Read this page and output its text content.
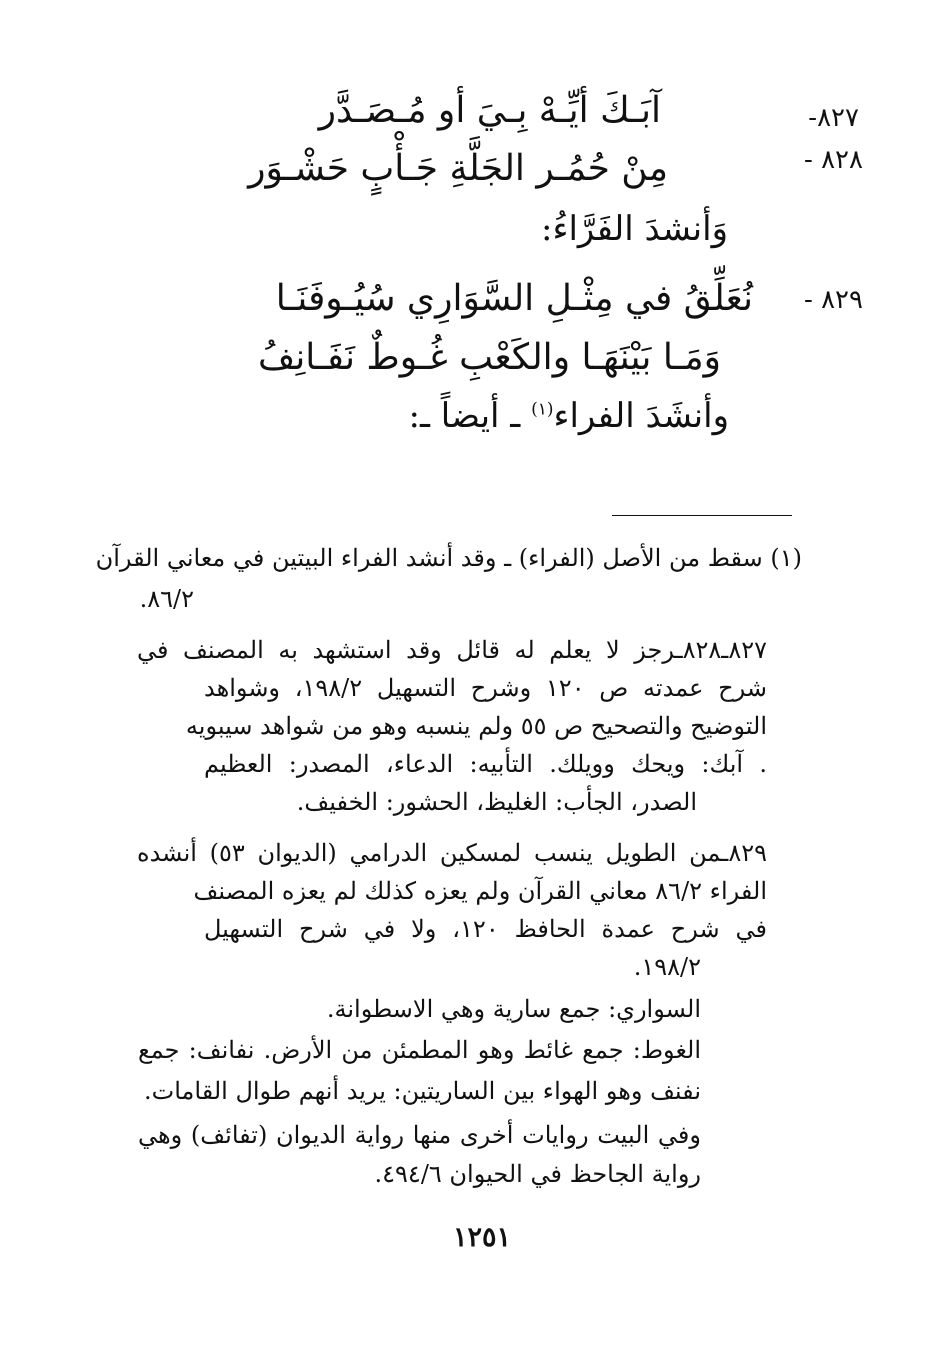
٨٢٧-
آبَـكَ أيِّـهْ بِـيَ أو مُـصَـدَّر
٨٢٨ -
مِنْ حُمُـر الجَلَّةِ جَـأْبٍ حَشْـوَر
وَأنشدَ الفَرَّاءُ:
٨٢٩ -
نُعَلِّقُ في مِثْـلِ السَّوَارِي سُيُـوفَنَـا
وَمَـا بَيْنَهَـا والكَعْبِ غُـوطٌ نَفَـانِفُ
وأنشَدَ الفراء$^{(١)}$ ـ أيضاً ـ:
(١) سقط من الأصل (الفراء) ـ وقد أنشد الفراء البيتين في معاني القرآن
٨٦/٢.
٨٢٧ـ٨٢٨ـرجز لا يعلم له قائل وقد استشهد به المصنف في
شرح عمدته ص ١٢٠ وشرح التسهيل ١٩٨/٢، وشواهد
التوضيح والتصحيح ص ٥٥ ولم ينسبه وهو من شواهد سيبويه
. آبك: ويحك وويلك. التأبيه: الدعاء، المصدر: العظيم
الصدر، الجأب: الغليظ، الحشور: الخفيف.
٨٢٩ـمن الطويل ينسب لمسكين الدرامي (الديوان ٥٣) أنشده
الفراء ٨٦/٢ معاني القرآن ولم يعزه كذلك لم يعزه المصنف
في شرح عمدة الحافظ ١٢٠، ولا في شرح التسهيل
١٩٨/٢.
السواري: جمع سارية وهي الاسطوانة.
الغوط: جمع غائط وهو المطمئن من الأرض. نفانف: جمع
نفنف وهو الهواء بين الساريتين: يريد أنهم طوال القامات.
وفي البيت روايات أخرى منها رواية الديوان (تفائف) وهي
رواية الجاحظ في الحيوان ٤٩٤/٦.
١٢٥١
